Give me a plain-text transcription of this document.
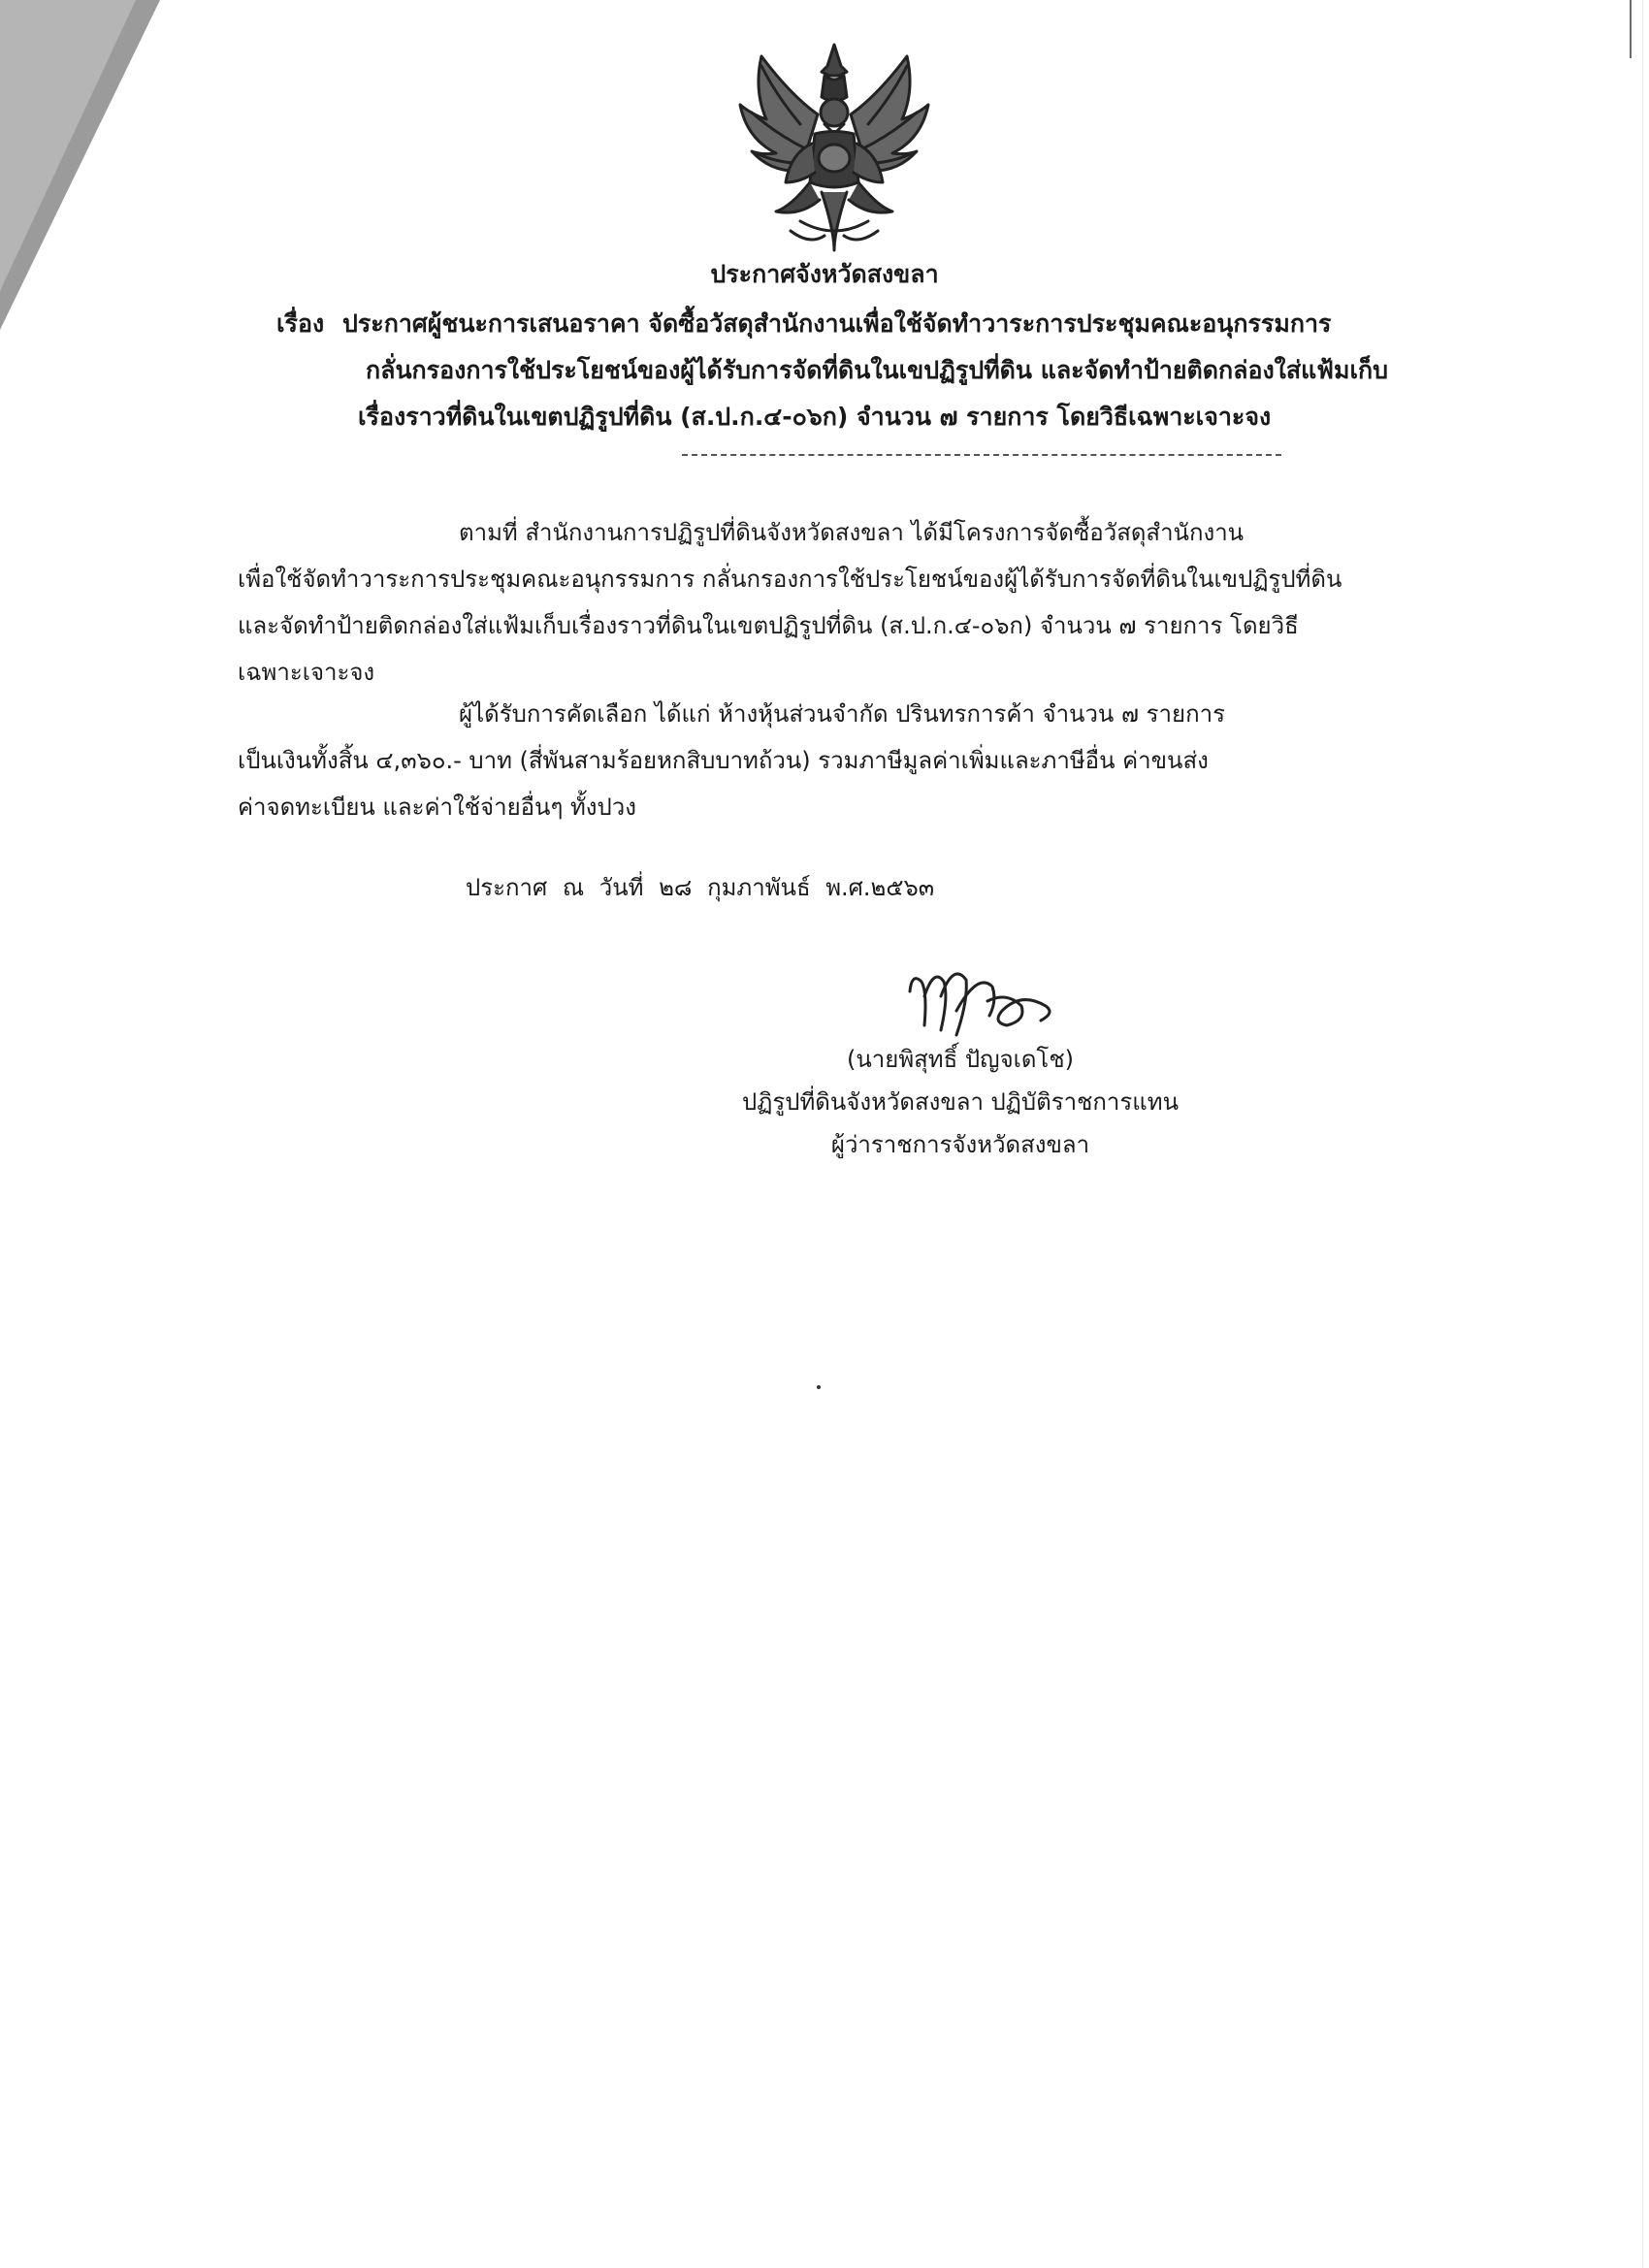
ประกาศจังหวัดสงขลา
เรื่อง ประกาศผู้ชนะการเสนอราคา จัดซื้อวัสดุสำนักงานเพื่อใช้จัดทำวาระการประชุมคณะอนุกรรมการ
กลั่นกรองการใช้ประโยชน์ของผู้ได้รับการจัดที่ดินในเขปฏิรูปที่ดิน และจัดทำป้ายติดกล่องใส่แฟ้มเก็บ
เรื่องราวที่ดินในเขตปฏิรูปที่ดิน (ส.ป.ก.๔-๐๖ก) จำนวน ๗ รายการ โดยวิธีเฉพาะเจาะจง
ตามที่ สำนักงานการปฏิรูปที่ดินจังหวัดสงขลา ได้มีโครงการจัดซื้อวัสดุสำนักงาน
เพื่อใช้จัดทำวาระการประชุมคณะอนุกรรมการ กลั่นกรองการใช้ประโยชน์ของผู้ได้รับการจัดที่ดินในเขปฏิรูปที่ดิน
และจัดทำป้ายติดกล่องใส่แฟ้มเก็บเรื่องราวที่ดินในเขตปฏิรูปที่ดิน (ส.ป.ก.๔-๐๖ก) จำนวน ๗ รายการ โดยวิธี
เฉพาะเจาะจง
ผู้ได้รับการคัดเลือก ได้แก่ ห้างหุ้นส่วนจำกัด ปรินทรการค้า จำนวน ๗ รายการ
เป็นเงินทั้งสิ้น ๔,๓๖๐.- บาท (สี่พันสามร้อยหกสิบบาทถ้วน) รวมภาษีมูลค่าเพิ่มและภาษีอื่น ค่าขนส่ง
ค่าจดทะเบียน และค่าใช้จ่ายอื่นๆ ทั้งปวง
ประกาศ ณ วันที่ ๒๘ กุมภาพันธ์ พ.ศ.๒๕๖๓
(นายพิสุทธิ์ ปัญจเดโช)
ปฏิรูปที่ดินจังหวัดสงขลา ปฏิบัติราชการแทน
ผู้ว่าราชการจังหวัดสงขลา
